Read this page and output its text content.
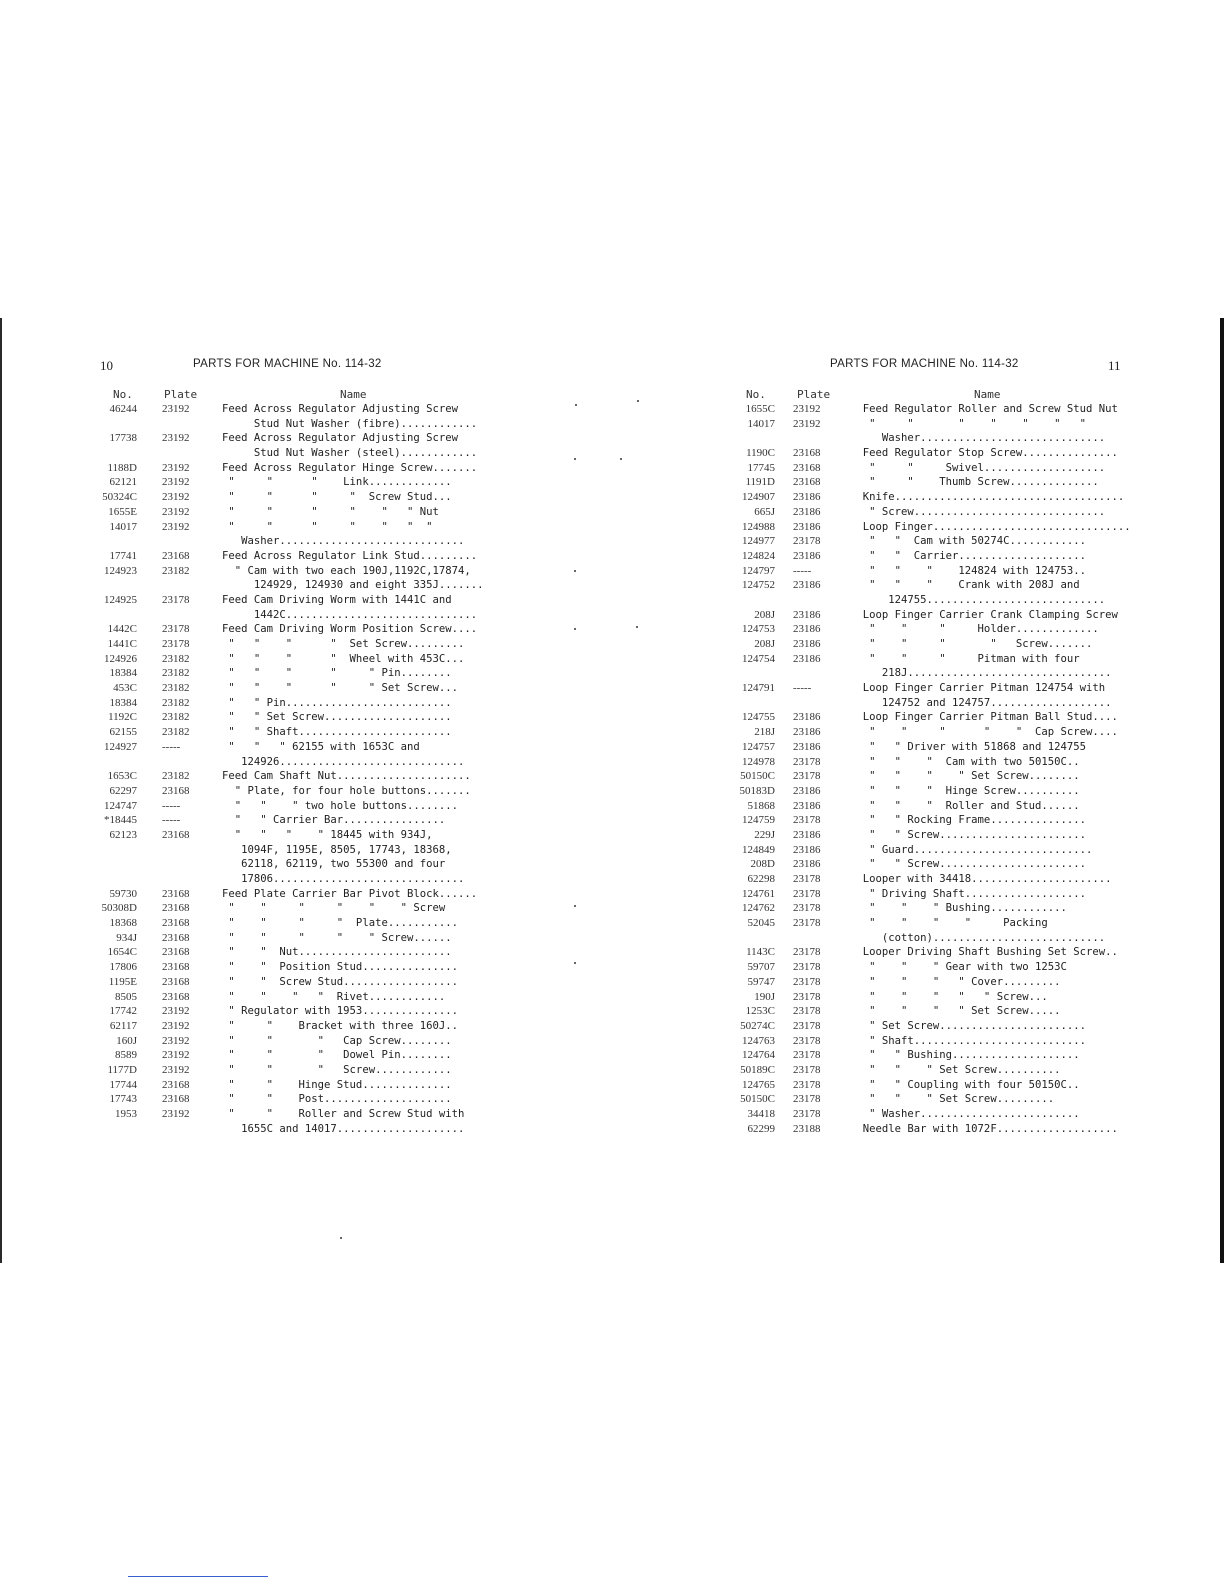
10	PARTS FOR MACHINE No. 114-32
No.	Plate	Name
46244 23192	Feed Across Regulator Adjusting Screw
Stud Nut Washer (fibre)............
17738 23192	Feed Across Regulator Adjusting Screw
Stud Nut Washer (steel)............
1188D 23192	Feed Across Regulator Hinge Screw.......
62121 23192	"     "      "    Link.............
50324C 23192	"     "      "     "  Screw Stud...
1655E 23192	"     "      "     "    "   " Nut
14017 23192	"     "      "     "    "   "  "
Washer.............................
17741 23168	Feed Across Regulator Link Stud.........
124923 23182	" Cam with two each 190J,1192C,17874,
124929, 124930 and eight 335J.......
124925 23178	Feed Cam Driving Worm with 1441C and
1442C..............................
1442C 23178	Feed Cam Driving Worm Position Screw....
1441C 23178	"   "    "      "  Set Screw.........
124926 23182	"   "    "      "  Wheel with 453C...
18384 23182	"   "    "      "     " Pin........
453C 23182	"   "    "      "     " Set Screw...
18384 23182	"   " Pin..........................
1192C 23182	"   " Set Screw....................
62155 23182	"   " Shaft........................
124927 -----	"   "   " 62155 with 1653C and
124926.............................
1653C 23182	Feed Cam Shaft Nut.....................
62297 23168	" Plate, for four hole buttons.......
124747 -----	"   "    " two hole buttons........
*18445 -----	"   " Carrier Bar................
62123 23168	"   "   "    " 18445 with 934J,
1094F, 1195E, 8505, 17743, 18368,
62118, 62119, two 55300 and four
17806..............................
59730 23168	Feed Plate Carrier Bar Pivot Block......
50308D 23168	"    "     "     "    "    " Screw
18368 23168	"    "     "     "  Plate...........
934J 23168	"    "     "     "    " Screw......
1654C 23168	"    "  Nut........................
17806 23168	"    "  Position Stud...............
1195E 23168	"    "  Screw Stud..................
8505 23168	"    "    "   "  Rivet............
17742 23192	" Regulator with 1953...............
62117 23192	"     "    Bracket with three 160J..
160J 23192	"     "       "   Cap Screw........
8589 23192	"     "       "   Dowel Pin........
1177D 23192	"     "       "   Screw............
17744 23168	"     "    Hinge Stud..............
17743 23168	"     "    Post....................
1953 23192	"     "    Roller and Screw Stud with
1655C and 14017....................
PARTS FOR MACHINE No. 114-32	11
No.	Plate	Name
1655C 23192	Feed Regulator Roller and Screw Stud Nut
14017 23192	"     "       "    "    "    "   "
Washer.............................
1190C 23168	Feed Regulator Stop Screw...............
17745 23168	"     "     Swivel...................
1191D 23168	"     "    Thumb Screw..............
124907 23186	Knife....................................
665J 23186	" Screw..............................
124988 23186	Loop Finger...............................
124977 23178	"   "  Cam with 50274C............
124824 23186	"   "  Carrier....................
124797 -----	"   "    "    124824 with 124753..
124752 23186	"   "    "    Crank with 208J and
124755............................
208J 23186	Loop Finger Carrier Crank Clamping Screw
124753 23186	"    "     "     Holder.............
208J 23186	"    "     "       "   Screw.......
124754 23186	"    "     "     Pitman with four
218J................................
124791 -----	Loop Finger Carrier Pitman 124754 with
124752 and 124757...................
124755 23186	Loop Finger Carrier Pitman Ball Stud....
218J 23186	"    "     "      "    "  Cap Screw....
124757 23186	"   " Driver with 51868 and 124755
124978 23178	"   "    "  Cam with two 50150C..
50150C 23178	"   "    "    " Set Screw........
50183D 23186	"   "    "  Hinge Screw..........
51868 23186	"   "    "  Roller and Stud......
124759 23178	"   " Rocking Frame...............
229J 23186	"   " Screw.......................
124849 23186	" Guard............................
208D 23186	"   " Screw.......................
62298 23178	Looper with 34418......................
124761 23178	" Driving Shaft...................
124762 23178	"    "    " Bushing............
52045 23178	"    "    "    "     Packing
(cotton)...........................
1143C 23178	Looper Driving Shaft Bushing Set Screw..
59707 23178	"    "    " Gear with two 1253C
59747 23178	"    "    "   " Cover.........
190J 23178	"    "    "   "   " Screw...
1253C 23178	"    "    "   " Set Screw.....
50274C 23178	" Set Screw.......................
124763 23178	" Shaft...........................
124764 23178	"   " Bushing....................
50189C 23178	"   "    " Set Screw..........
124765 23178	"   " Coupling with four 50150C..
50150C 23178	"   "    " Set Screw.........
34418 23178	" Washer.........................
62299 23188	Needle Bar with 1072F...................
